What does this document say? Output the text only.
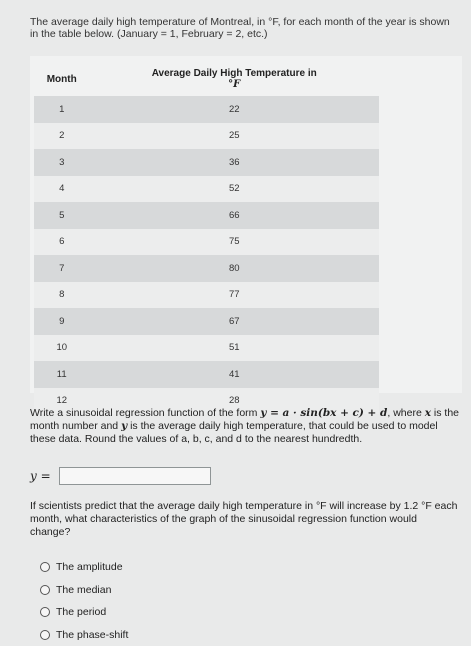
The average daily high temperature of Montreal, in °F, for each month of the year is shown in the table below. (January = 1, February = 2, etc.)
Month	Average Daily High Temperature in
°F

1	22
2	25
3	36
4	52
5	66
6	75
7	80
8	77
9	67
10	51
11	41
12	28
Write a sinusoidal regression function of the form y = a · sin(bx + c) + d, where x is the month number and y is the average daily high temperature, that could be used to model these data. Round the values of a, b, c, and d to the nearest hundredth.
y =
If scientists predict that the average daily high temperature in °F will increase by 1.2 °F each month, what characteristics of the graph of the sinusoidal regression function would change?
The amplitude
The median
The period
The phase-shift
